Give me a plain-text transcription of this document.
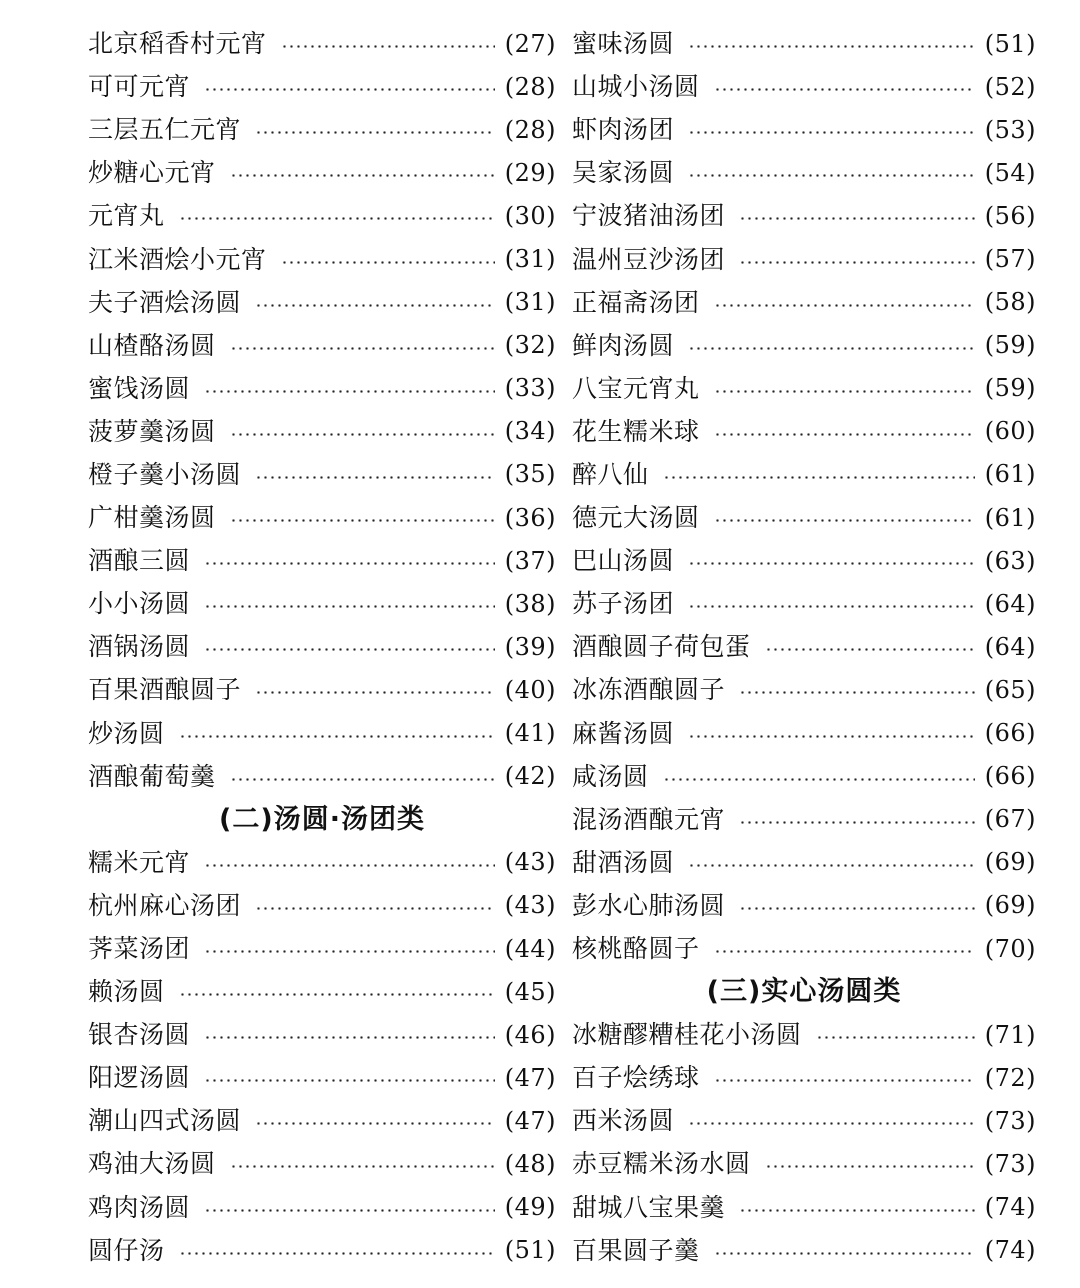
北京稻香村元宵	(27)
可可元宵	(28)
三层五仁元宵	(28)
炒糖心元宵	(29)
元宵丸	(30)
江米酒烩小元宵	(31)
夫子酒烩汤圆	(31)
山楂酪汤圆	(32)
蜜饯汤圆	(33)
菠萝羹汤圆	(34)
橙子羹小汤圆	(35)
广柑羹汤圆	(36)
酒酿三圆	(37)
小小汤圆	(38)
酒锅汤圆	(39)
百果酒酿圆子	(40)
炒汤圆	(41)
酒酿葡萄羹	(42)
(二)汤圆·汤团类
糯米元宵	(43)
杭州麻心汤团	(43)
荠菜汤团	(44)
赖汤圆	(45)
银杏汤圆	(46)
阳逻汤圆	(47)
潮山四式汤圆	(47)
鸡油大汤圆	(48)
鸡肉汤圆	(49)
圆仔汤	(51)
蜜味汤圆	(51)
山城小汤圆	(52)
虾肉汤团	(53)
吴家汤圆	(54)
宁波猪油汤团	(56)
温州豆沙汤团	(57)
正福斋汤团	(58)
鲜肉汤圆	(59)
八宝元宵丸	(59)
花生糯米球	(60)
醉八仙	(61)
德元大汤圆	(61)
巴山汤圆	(63)
苏子汤团	(64)
酒酿圆子荷包蛋	(64)
冰冻酒酿圆子	(65)
麻酱汤圆	(66)
咸汤圆	(66)
混汤酒酿元宵	(67)
甜酒汤圆	(69)
彭水心肺汤圆	(69)
核桃酪圆子	(70)
(三)实心汤圆类
冰糖醪糟桂花小汤圆	(71)
百子烩绣球	(72)
西米汤圆	(73)
赤豆糯米汤水圆	(73)
甜城八宝果羹	(74)
百果圆子羹	(74)
